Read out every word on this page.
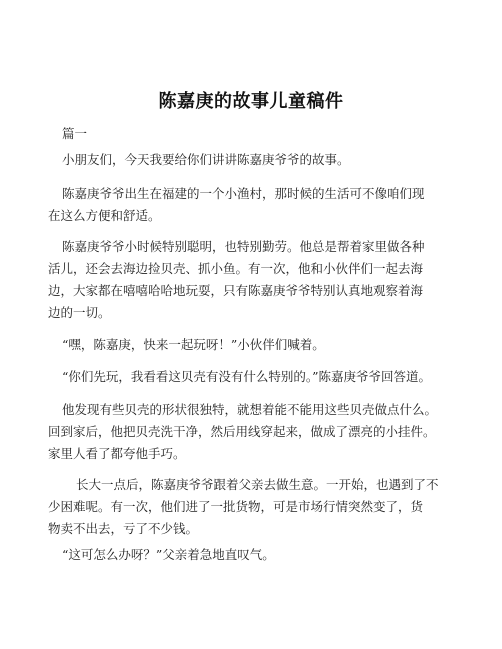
陈嘉庚的故事儿童稿件
篇一
小朋友们，今天我要给你们讲讲陈嘉庚爷爷的故事。
陈嘉庚爷爷出生在福建的一个小渔村，那时候的生活可不像咱们现
在这么方便和舒适。
陈嘉庚爷爷小时候特别聪明，也特别勤劳。他总是帮着家里做各种
活儿，还会去海边捡贝壳、抓小鱼。有一次，他和小伙伴们一起去海
边，大家都在嘻嘻哈哈地玩耍，只有陈嘉庚爷爷特别认真地观察着海
边的一切。
“嘿，陈嘉庚，快来一起玩呀！”小伙伴们喊着。
“你们先玩，我看看这贝壳有没有什么特别的。”陈嘉庚爷爷回答道。
他发现有些贝壳的形状很独特，就想着能不能用这些贝壳做点什么。
回到家后，他把贝壳洗干净，然后用线穿起来，做成了漂亮的小挂件。
家里人看了都夸他手巧。
长大一点后，陈嘉庚爷爷跟着父亲去做生意。一开始，也遇到了不
少困难呢。有一次，他们进了一批货物，可是市场行情突然变了，货
物卖不出去，亏了不少钱。
“这可怎么办呀？”父亲着急地直叹气。
